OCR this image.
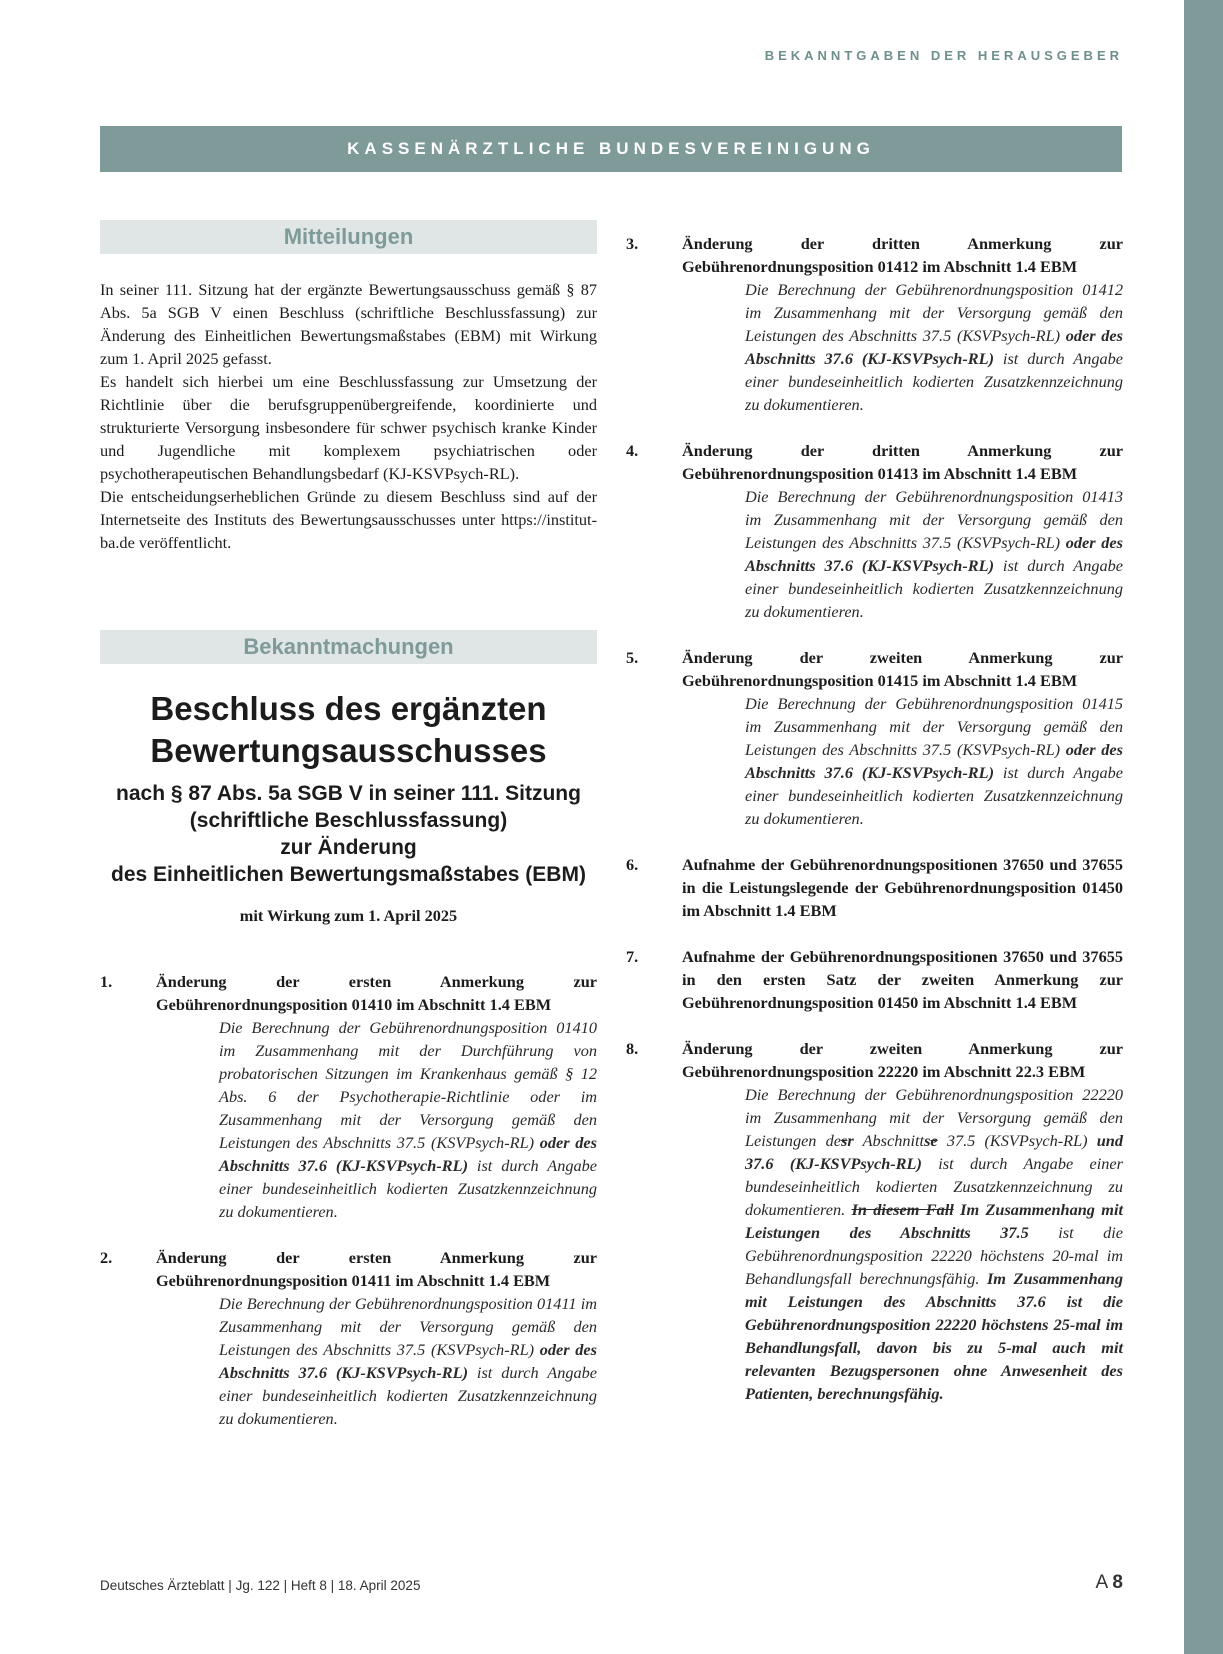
BEKANNTGABEN DER HERAUSGEBER
KASSENÄRZTLICHE BUNDESVEREINIGUNG
Mitteilungen

In seiner 111. Sitzung hat der ergänzte Bewertungsausschuss gemäß § 87 Abs. 5a SGB V einen Beschluss (schriftliche Beschlussfassung) zur Änderung des Einheitlichen Bewertungsmaßstabes (EBM) mit Wirkung zum 1. April 2025 gefasst.

Es handelt sich hierbei um eine Beschlussfassung zur Umsetzung der Richtlinie über die berufsgruppenübergreifende, koordinierte und strukturierte Versorgung insbesondere für schwer psychisch kranke Kinder und Jugendliche mit komplexem psychiatrischen oder psychotherapeutischen Behandlungsbedarf (KJ-KSVPsych-RL).

Die entscheidungserheblichen Gründe zu diesem Beschluss sind auf der Internetseite des Instituts des Bewertungsausschusses unter https://institut-ba.de veröffentlicht.

Bekanntmachungen

Beschluss des ergänzten

Bewertungsausschusses

nach § 87 Abs. 5a SGB V in seiner 111. Sitzung

(schriftliche Beschlussfassung)

zur Änderung

des Einheitlichen Bewertungsmaßstabes (EBM)

mit Wirkung zum 1. April 2025
1.	Änderung der ersten Anmerkung zur Gebührenordnungsposition 01410 im Abschnitt 1.4 EBM
Die Berechnung der Gebührenordnungsposition 01410 im Zusammenhang mit der Durchführung von probatorischen Sitzungen im Krankenhaus gemäß § 12 Abs. 6 der Psychotherapie-Richtlinie oder im Zusammenhang mit der Versorgung gemäß den Leistungen des Abschnitts 37.5 (KSVPsych-RL) oder des Abschnitts 37.6 (KJ-KSVPsych-RL) ist durch Angabe einer bundeseinheitlich kodierten Zusatzkennzeichnung zu dokumentieren.
2.	Änderung der ersten Anmerkung zur Gebührenordnungsposition 01411 im Abschnitt 1.4 EBM
Die Berechnung der Gebührenordnungsposition 01411 im Zusammenhang mit der Versorgung gemäß den Leistungen des Abschnitts 37.5 (KSVPsych-RL) oder des Abschnitts 37.6 (KJ-KSVPsych-RL) ist durch Angabe einer bundeseinheitlich kodierten Zusatzkennzeichnung zu dokumentieren.
3.	Änderung der dritten Anmerkung zur Gebührenordnungsposition 01412 im Abschnitt 1.4 EBM
Die Berechnung der Gebührenordnungsposition 01412 im Zusammenhang mit der Versorgung gemäß den Leistungen des Abschnitts 37.5 (KSVPsych-RL) oder des Abschnitts 37.6 (KJ-KSVPsych-RL) ist durch Angabe einer bundeseinheitlich kodierten Zusatzkennzeichnung zu dokumentieren.
4.	Änderung der dritten Anmerkung zur Gebührenordnungsposition 01413 im Abschnitt 1.4 EBM
Die Berechnung der Gebührenordnungsposition 01413 im Zusammenhang mit der Versorgung gemäß den Leistungen des Abschnitts 37.5 (KSVPsych-RL) oder des Abschnitts 37.6 (KJ-KSVPsych-RL) ist durch Angabe einer bundeseinheitlich kodierten Zusatzkennzeichnung zu dokumentieren.
5.	Änderung der zweiten Anmerkung zur Gebührenordnungsposition 01415 im Abschnitt 1.4 EBM
Die Berechnung der Gebührenordnungsposition 01415 im Zusammenhang mit der Versorgung gemäß den Leistungen des Abschnitts 37.5 (KSVPsych-RL) oder des Abschnitts 37.6 (KJ-KSVPsych-RL) ist durch Angabe einer bundeseinheitlich kodierten Zusatzkennzeichnung zu dokumentieren.
6.	Aufnahme der Gebührenordnungspositionen 37650 und 37655 in die Leistungslegende der Gebührenordnungsposition 01450 im Abschnitt 1.4 EBM
7.	Aufnahme der Gebührenordnungspositionen 37650 und 37655 in den ersten Satz der zweiten Anmerkung zur Gebührenordnungsposition 01450 im Abschnitt 1.4 EBM
8.	Änderung der zweiten Anmerkung zur Gebührenordnungsposition 22220 im Abschnitt 22.3 EBM
Die Berechnung der Gebührenordnungsposition 22220 im Zusammenhang mit der Versorgung gemäß den Leistungen desr Abschnittse 37.5 (KSVPsych-RL) und 37.6 (KJ-KSVPsych-RL) ist durch Angabe einer bundeseinheitlich kodierten Zusatzkennzeichnung zu dokumentieren. In diesem Fall Im Zusammenhang mit Leistungen des Abschnitts 37.5 ist die Gebührenordnungsposition 22220 höchstens 20-mal im Behandlungsfall berechnungsfähig. Im Zusammenhang mit Leistungen des Abschnitts 37.6 ist die Gebührenordnungsposition 22220 höchstens 25-mal im Behandlungsfall, davon bis zu 5-mal auch mit relevanten Bezugspersonen ohne Anwesenheit des Patienten, berechnungsfähig.
Deutsches Ärzteblatt | Jg. 122 | Heft 8 | 18. April 2025	A 8
